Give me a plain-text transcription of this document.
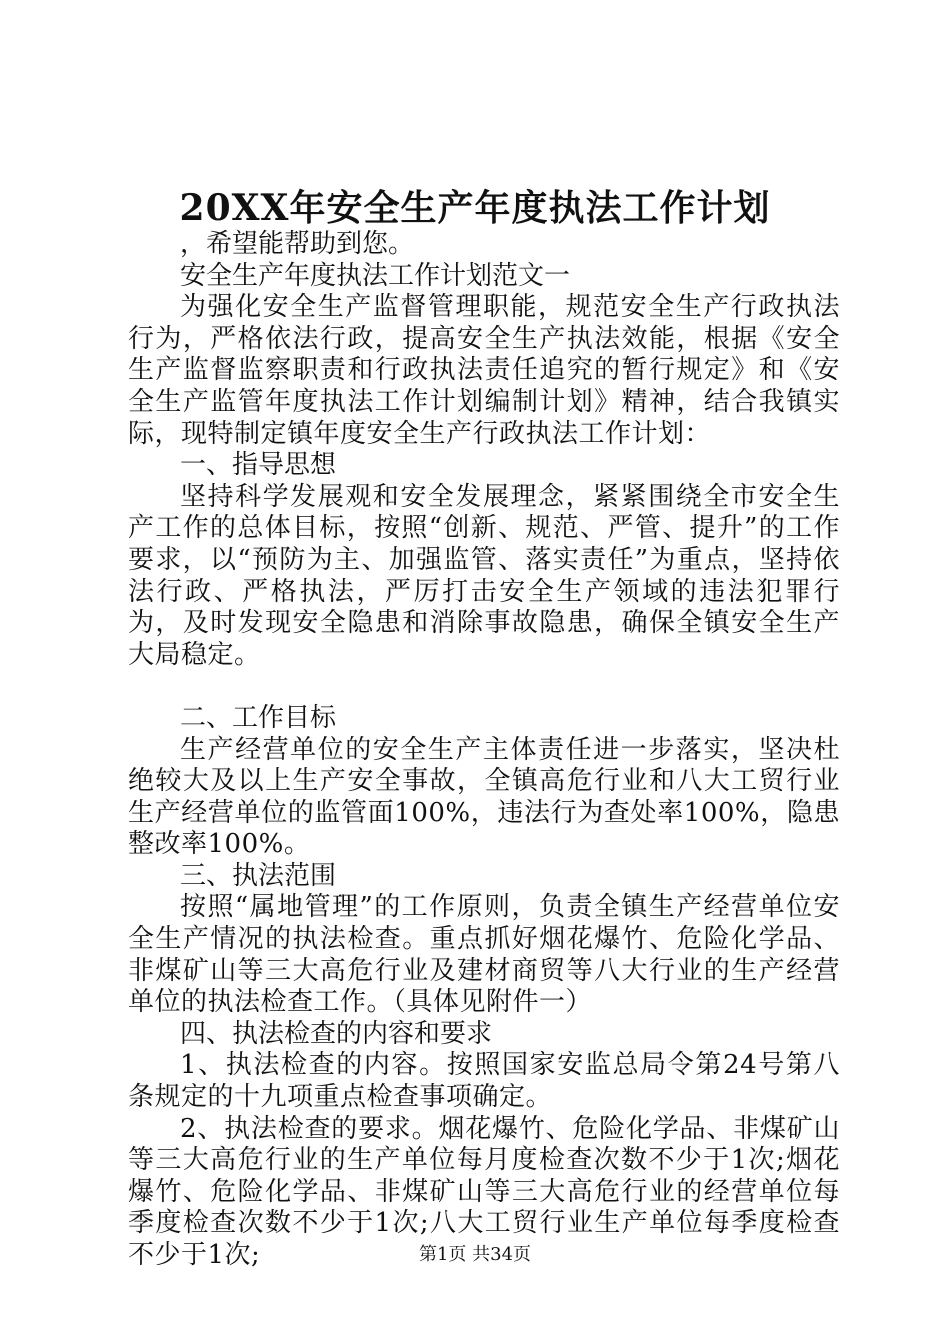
20XX年安全生产年度执法工作计划

，希望能帮助到您。

安全生产年度执法工作计划范文一

为强化安全生产监督管理职能，规范安全生产行政执法行为，严格依法行政，提高安全生产执法效能，根据《安全生产监督监察职责和行政执法责任追究的暂行规定》和《安全生产监管年度执法工作计划编制计划》精神，结合我镇实际，现特制定镇年度安全生产行政执法工作计划：

一、指导思想

坚持科学发展观和安全发展理念，紧紧围绕全市安全生产工作的总体目标，按照“创新、规范、严管、提升”的工作要求，以“预防为主、加强监管、落实责任”为重点，坚持依法行政、严格执法，严厉打击安全生产领域的违法犯罪行为，及时发现安全隐患和消除事故隐患，确保全镇安全生产大局稳定。

二、工作目标

生产经营单位的安全生产主体责任进一步落实，坚决杜绝较大及以上生产安全事故，全镇高危行业和八大工贸行业生产经营单位的监管面100%，违法行为查处率100%，隐患整改率100%。

三、执法范围

按照“属地管理”的工作原则，负责全镇生产经营单位安全生产情况的执法检查。重点抓好烟花爆竹、危险化学品、非煤矿山等三大高危行业及建材商贸等八大行业的生产经营单位的执法检查工作。（具体见附件一）

四、执法检查的内容和要求

1、执法检查的内容。按照国家安监总局令第24号第八条规定的十九项重点检查事项确定。

2、执法检查的要求。烟花爆竹、危险化学品、非煤矿山等三大高危行业的生产单位每月度检查次数不少于1次;烟花爆竹、危险化学品、非煤矿山等三大高危行业的经营单位每季度检查次数不少于1次;八大工贸行业生产单位每季度检查不少于1次;	第1页 共34页
